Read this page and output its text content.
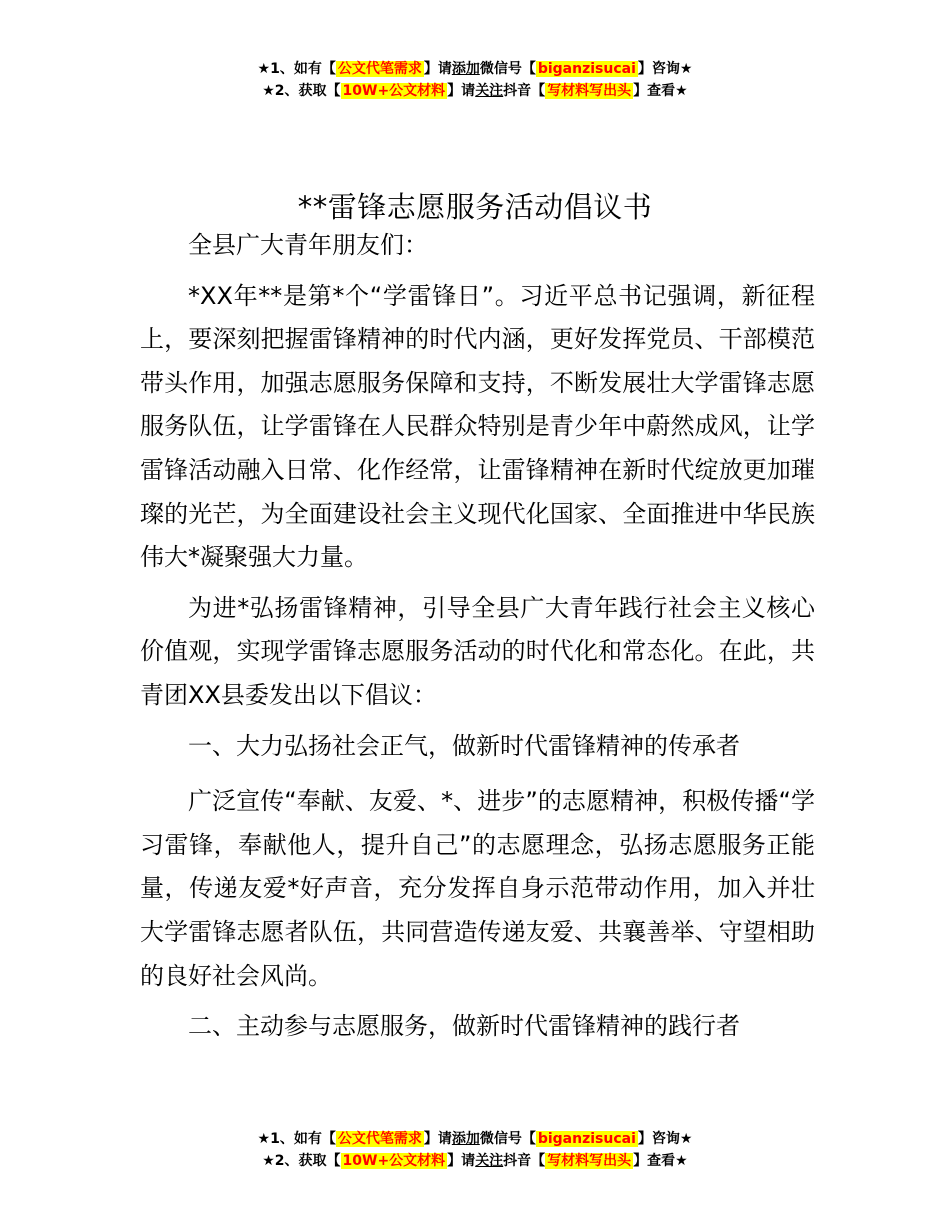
★1、如有【 公文代笔需求 】请添加微信号【 biganzisucai 】咨询★
★2、获取【 10W+公文材料 】请关注抖音【 写材料写出头 】查看★
**雷锋志愿服务活动倡议书

全县广大青年朋友们：

*XX年**是第*个“学雷锋日”。习近平总书记强调，新征程上，要深刻把握雷锋精神的时代内涵，更好发挥党员、干部模范带头作用，加强志愿服务保障和支持，不断发展壮大学雷锋志愿服务队伍，让学雷锋在人民群众特别是青少年中蔚然成风，让学雷锋活动融入日常、化作经常，让雷锋精神在新时代绽放更加璀璨的光芒，为全面建设社会主义现代化国家、全面推进中华民族伟大*凝聚强大力量。

为进*弘扬雷锋精神，引导全县广大青年践行社会主义核心价值观，实现学雷锋志愿服务活动的时代化和常态化。在此，共青团XX县委发出以下倡议：

一、大力弘扬社会正气，做新时代雷锋精神的传承者

广泛宣传“奉献、友爱、*、进步”的志愿精神，积极传播“学习雷锋，奉献他人，提升自己”的志愿理念，弘扬志愿服务正能量，传递友爱*好声音，充分发挥自身示范带动作用，加入并壮大学雷锋志愿者队伍，共同营造传递友爱、共襄善举、守望相助的良好社会风尚。

二、主动参与志愿服务，做新时代雷锋精神的践行者

★1、如有【 公文代笔需求 】请添加微信号【 biganzisucai 】咨询★
★2、获取【 10W+公文材料 】请关注抖音【 写材料写出头 】查看★
